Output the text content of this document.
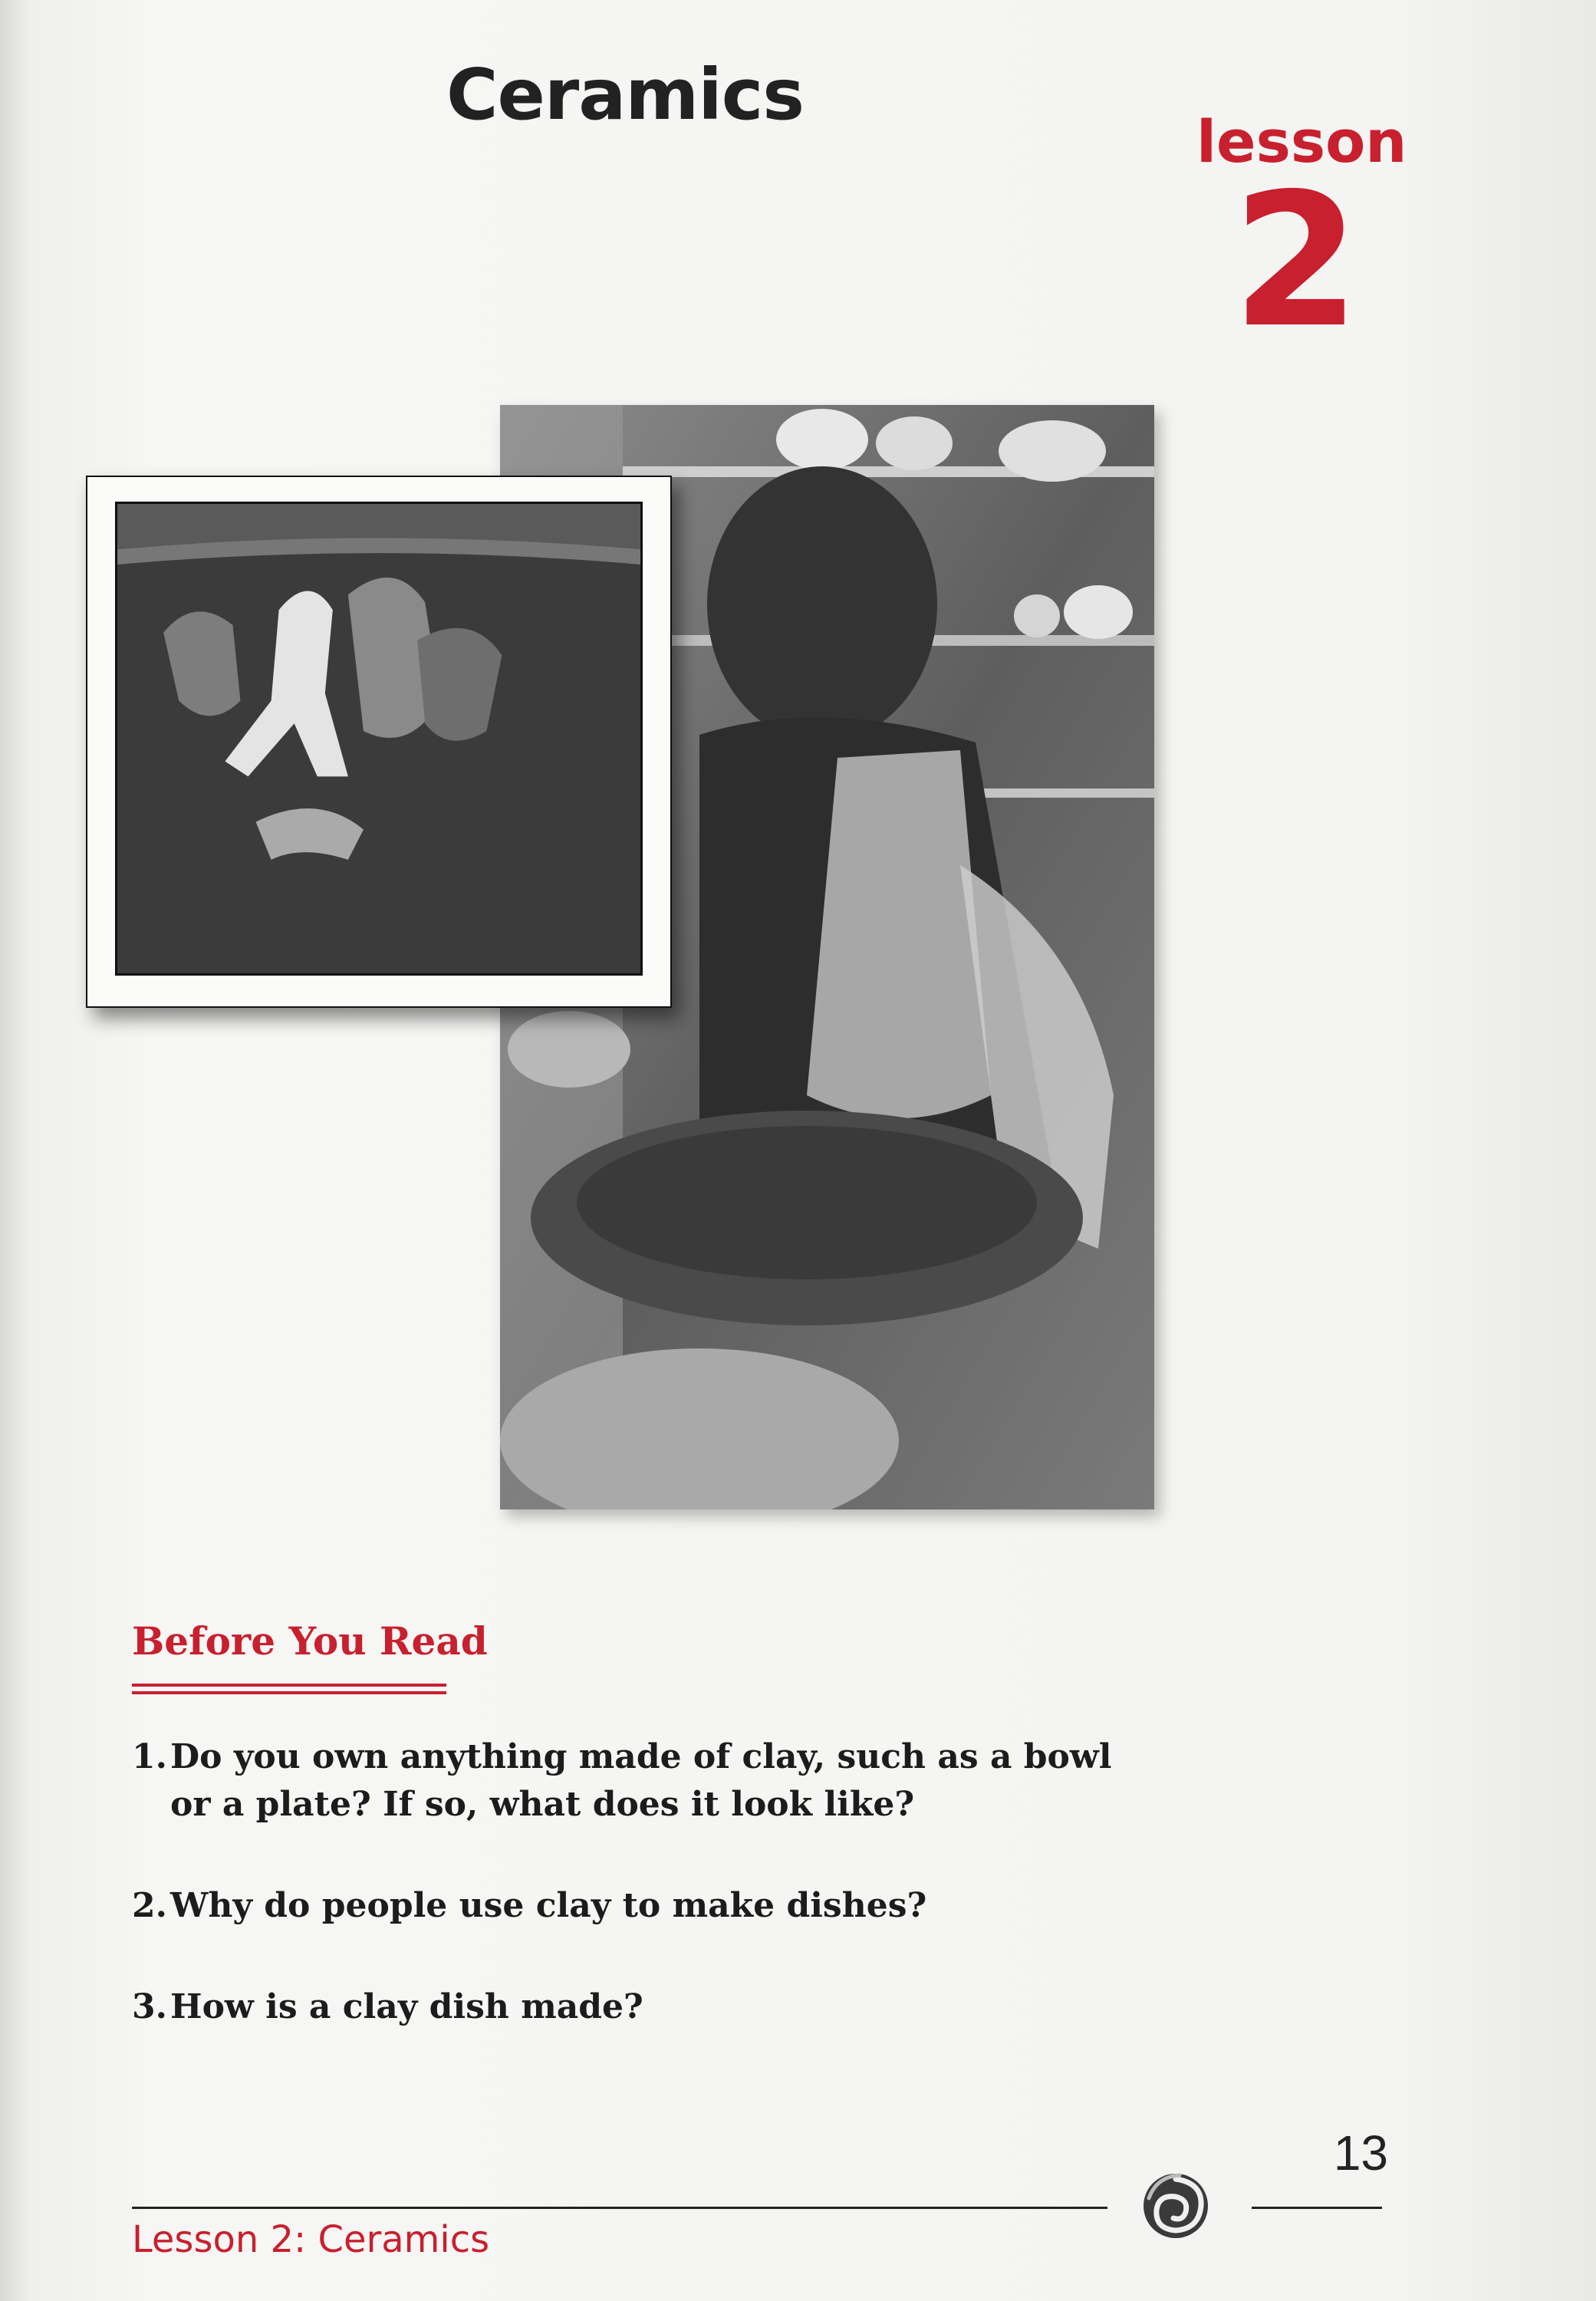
Ceramics
lesson
2
Before You Read
1. Do you own anything made of clay, such as a bowl or a plate? If so, what does it look like?
2. Why do people use clay to make dishes?
3. How is a clay dish made?
13
Lesson 2: Ceramics
